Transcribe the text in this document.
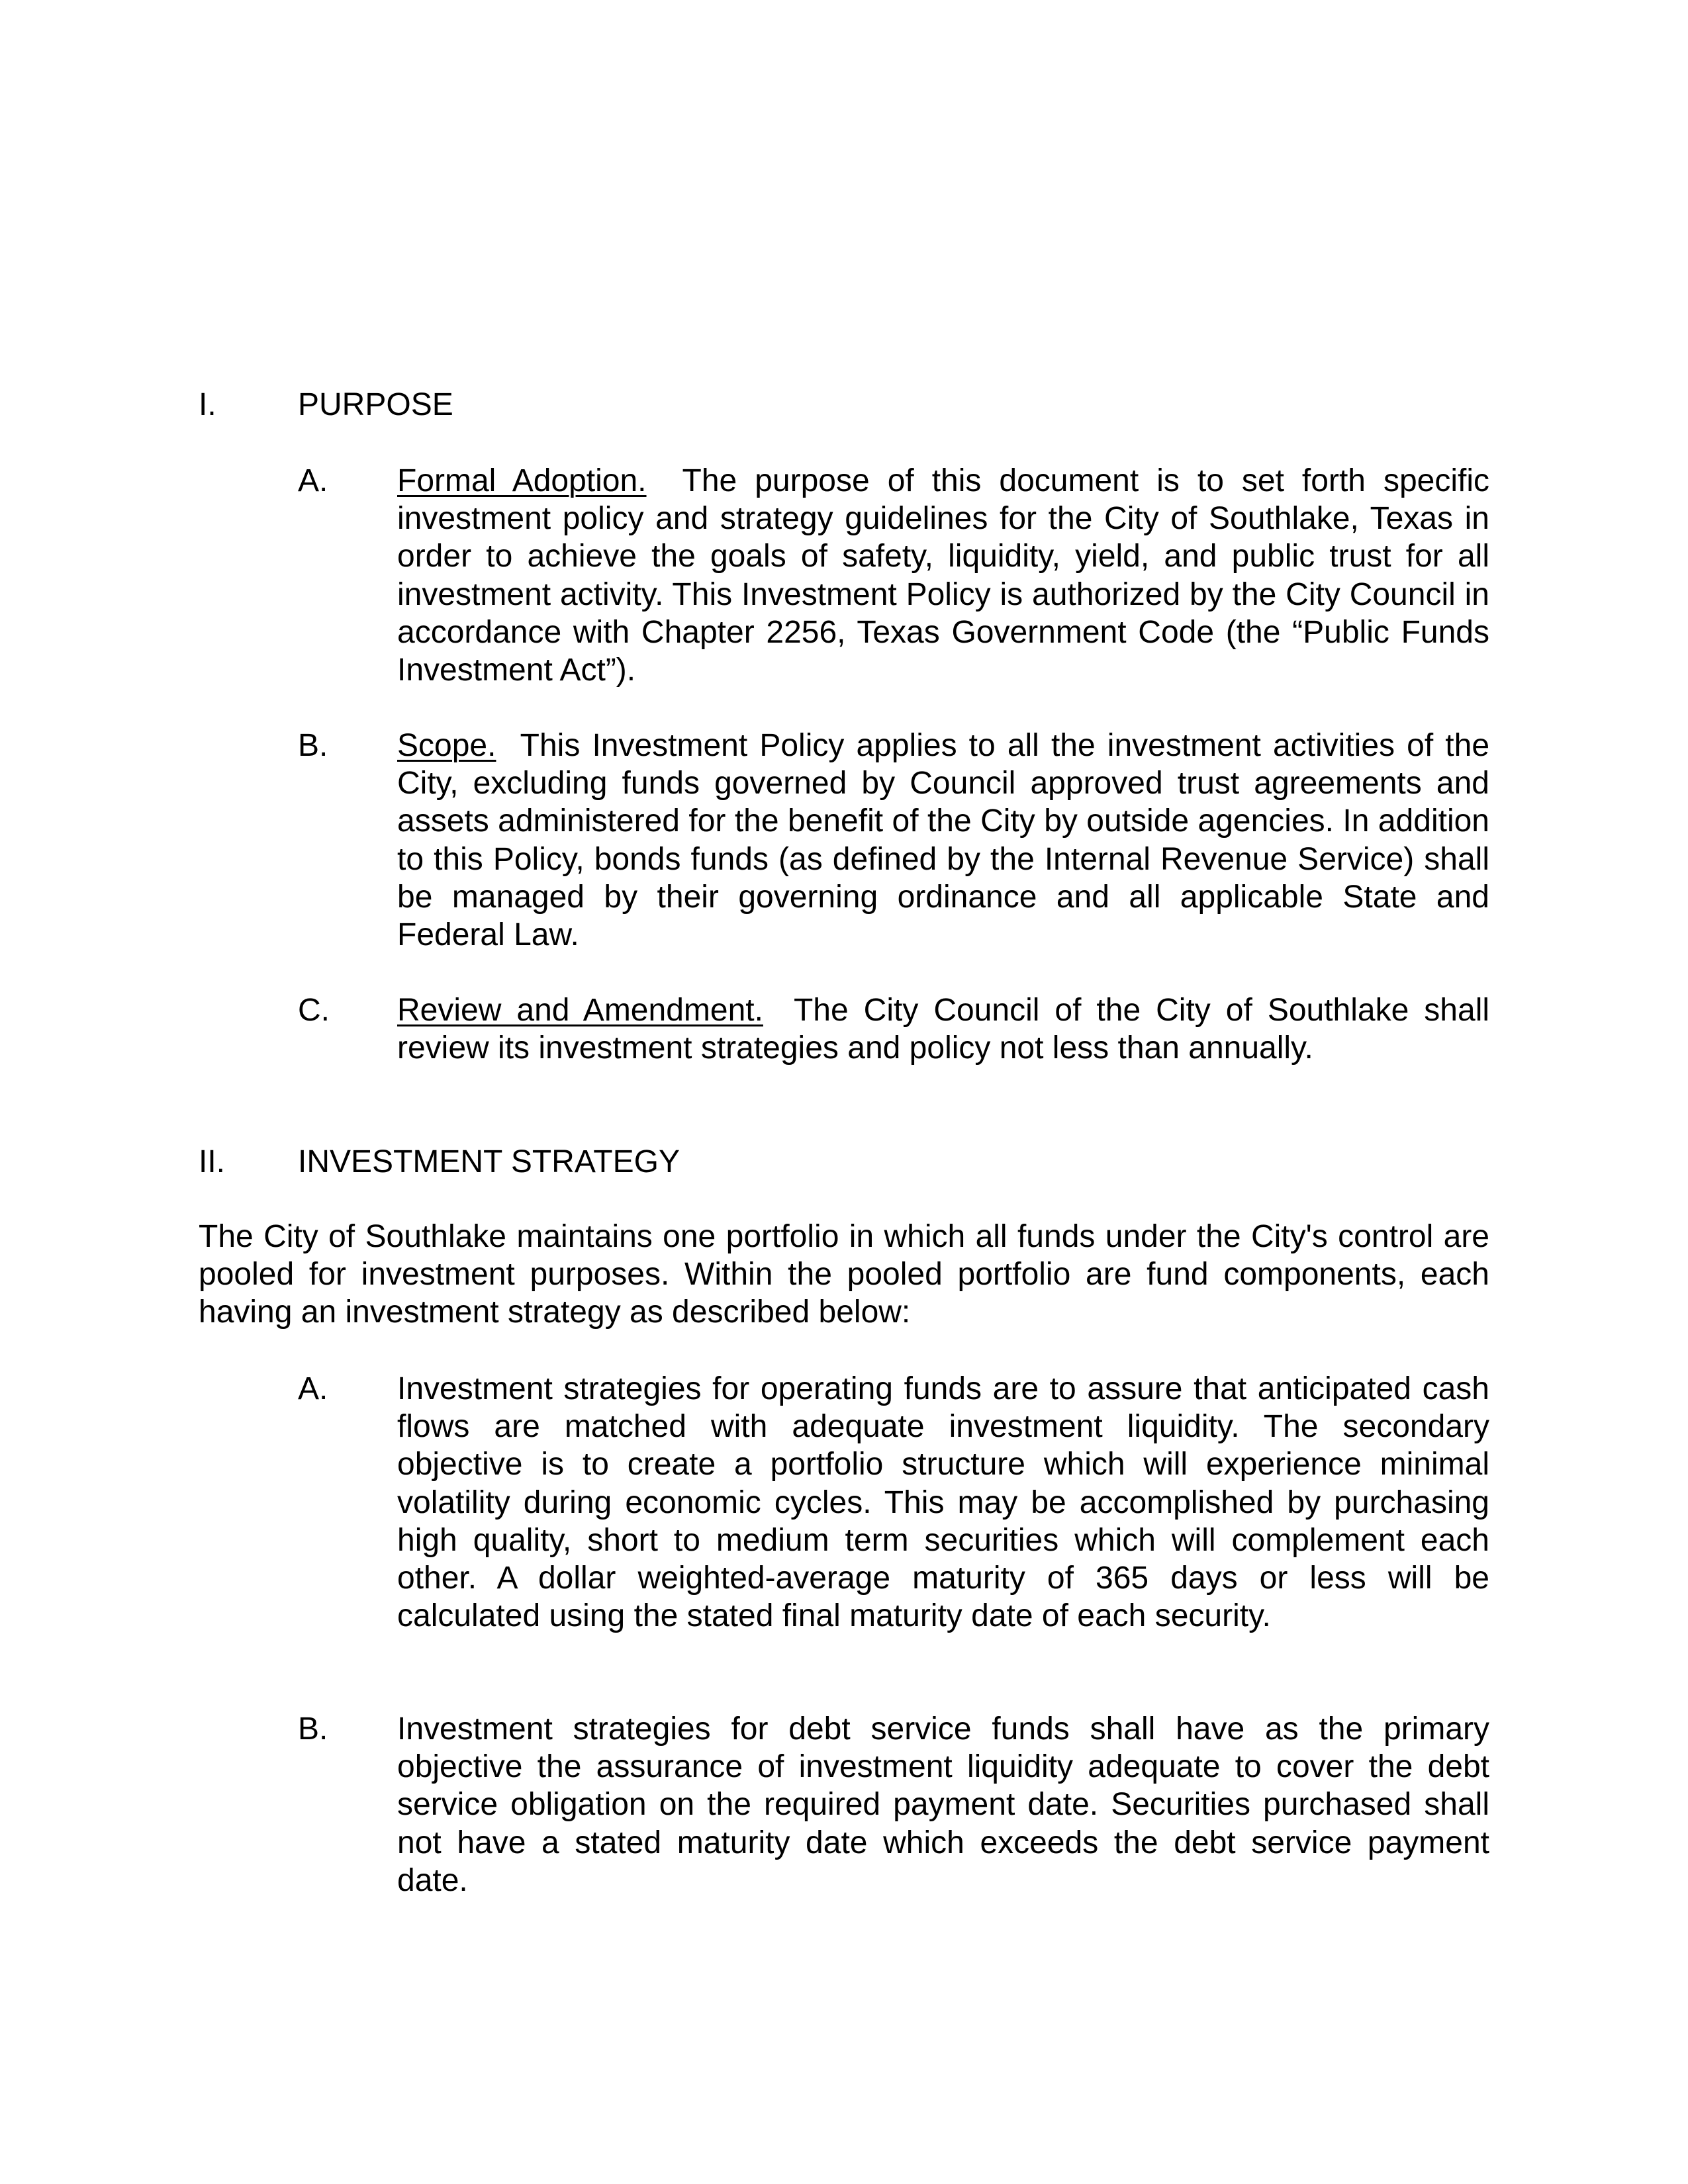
I.	PURPOSE
A. Formal Adoption. The purpose of this document is to set forth specific investment policy and strategy guidelines for the City of Southlake, Texas in order to achieve the goals of safety, liquidity, yield, and public trust for all investment activity. This Investment Policy is authorized by the City Council in accordance with Chapter 2256, Texas Government Code (the “Public Funds Investment Act”).
B. Scope. This Investment Policy applies to all the investment activities of the City, excluding funds governed by Council approved trust agreements and assets administered for the benefit of the City by outside agencies. In addition to this Policy, bonds funds (as defined by the Internal Revenue Service) shall be managed by their governing ordinance and all applicable State and Federal Law.
C. Review and Amendment. The City Council of the City of Southlake shall review its investment strategies and policy not less than annually.
II. INVESTMENT STRATEGY
The City of Southlake maintains one portfolio in which all funds under the City's control are pooled for investment purposes. Within the pooled portfolio are fund components, each having an investment strategy as described below:
A. Investment strategies for operating funds are to assure that anticipated cash flows are matched with adequate investment liquidity. The secondary objective is to create a portfolio structure which will experience minimal volatility during economic cycles. This may be accomplished by purchasing high quality, short to medium term securities which will complement each other. A dollar weighted-average maturity of 365 days or less will be calculated using the stated final maturity date of each security.
B. Investment strategies for debt service funds shall have as the primary objective the assurance of investment liquidity adequate to cover the debt service obligation on the required payment date. Securities purchased shall not have a stated maturity date which exceeds the debt service payment date.
